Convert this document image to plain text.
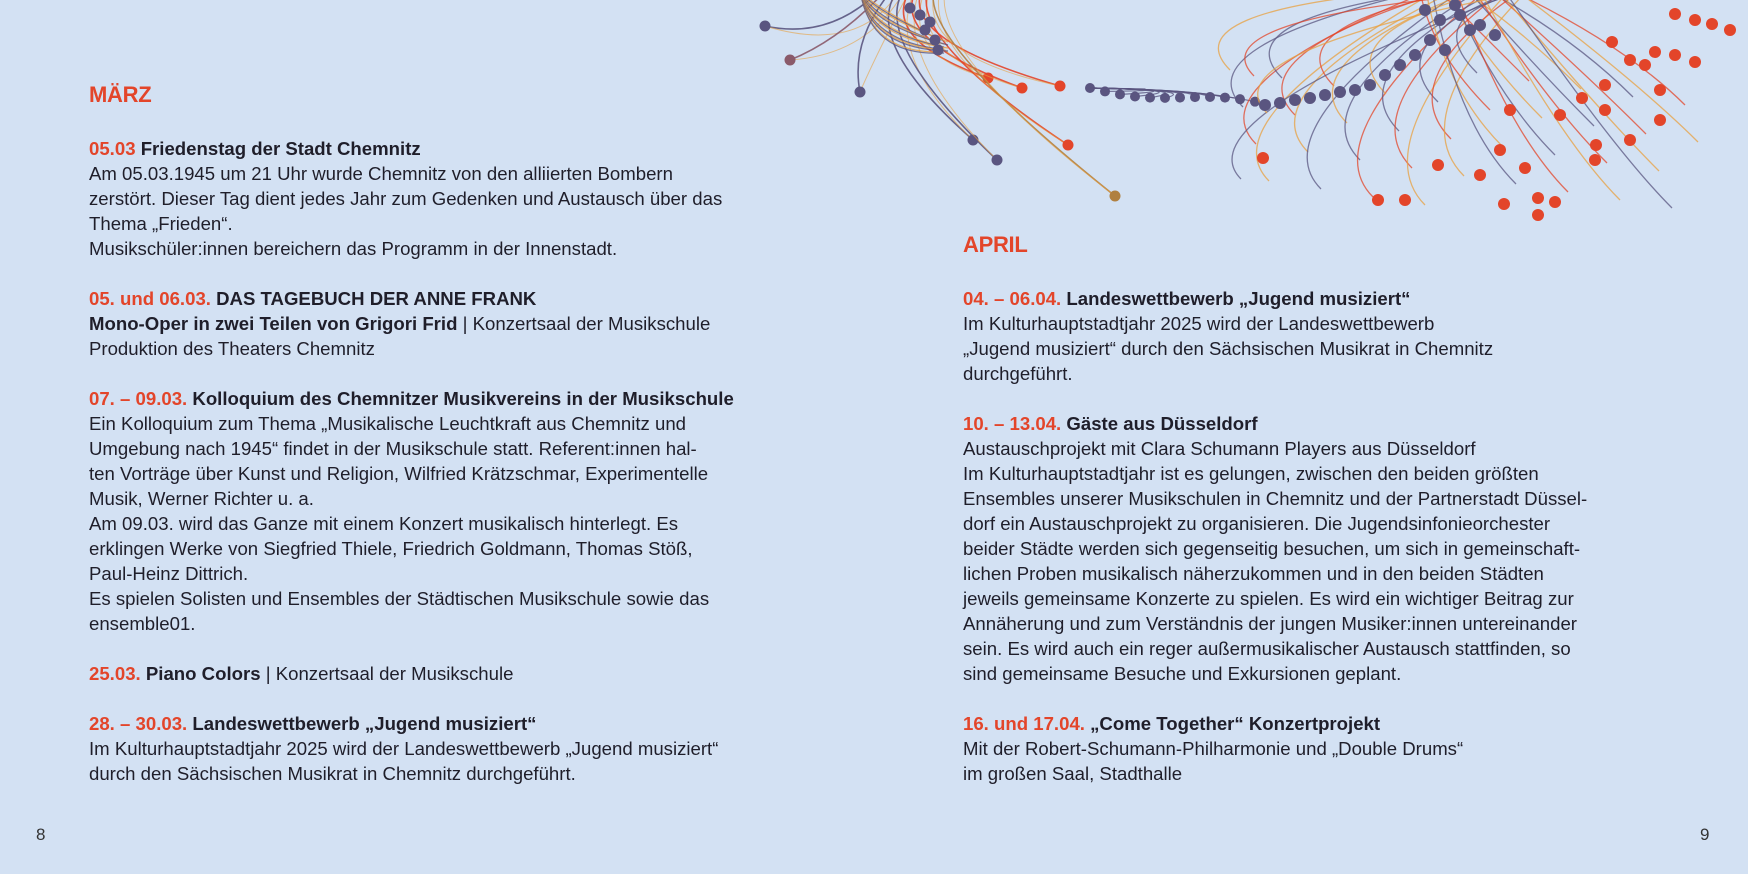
MÄRZ

05.03 Friedenstag der Stadt Chemnitz

Am 05.03.1945 um 21 Uhr wurde Chemnitz von den alliierten Bombern

zerstört. Dieser Tag dient jedes Jahr zum Gedenken und Austausch über das

Thema „Frieden“.

Musikschüler:innen bereichern das Programm in der Innenstadt.

05. und 06.03. DAS TAGEBUCH DER ANNE FRANK

Mono-Oper in zwei Teilen von Grigori Frid | Konzertsaal der Musikschule

Produktion des Theaters Chemnitz

07. – 09.03. Kolloquium des Chemnitzer Musikvereins in der Musikschule

Ein Kolloquium zum Thema „Musikalische Leuchtkraft aus Chemnitz und

Umgebung nach 1945“ findet in der Musikschule statt. Referent:innen hal-

ten Vorträge über Kunst und Religion, Wilfried Krätzschmar, Experimentelle

Musik, Werner Richter u. a.

Am 09.03. wird das Ganze mit einem Konzert musikalisch hinterlegt. Es

erklingen Werke von Siegfried Thiele, Friedrich Goldmann, Thomas Stöß,

Paul-Heinz Dittrich.

Es spielen Solisten und Ensembles der Städtischen Musikschule sowie das

ensemble01.

25.03. Piano Colors | Konzertsaal der Musikschule

28. – 30.03. Landeswettbewerb „Jugend musiziert“

Im Kulturhauptstadtjahr 2025 wird der Landeswettbewerb „Jugend musiziert“

durch den Sächsischen Musikrat in Chemnitz durchgeführt.

8
APRIL

04. – 06.04. Landeswettbewerb „Jugend musiziert“

Im Kulturhauptstadtjahr 2025 wird der Landeswettbewerb

„Jugend musiziert“ durch den Sächsischen Musikrat in Chemnitz

durchgeführt.

10. – 13.04. Gäste aus Düsseldorf

Austauschprojekt mit Clara Schumann Players aus Düsseldorf

Im Kulturhauptstadtjahr ist es gelungen, zwischen den beiden größten

Ensembles unserer Musikschulen in Chemnitz und der Partnerstadt Düssel-

dorf ein Austauschprojekt zu organisieren. Die Jugendsinfonieorchester

beider Städte werden sich gegenseitig besuchen, um sich in gemeinschaft-

lichen Proben musikalisch näherzukommen und in den beiden Städten

jeweils gemeinsame Konzerte zu spielen. Es wird ein wichtiger Beitrag zur

Annäherung und zum Verständnis der jungen Musiker:innen untereinander

sein. Es wird auch ein reger außermusikalischer Austausch stattfinden, so

sind gemeinsame Besuche und Exkursionen geplant.

16. und 17.04. „Come Together“ Konzertprojekt

Mit der Robert-Schumann-Philharmonie und „Double Drums“

im großen Saal, Stadthalle

9
